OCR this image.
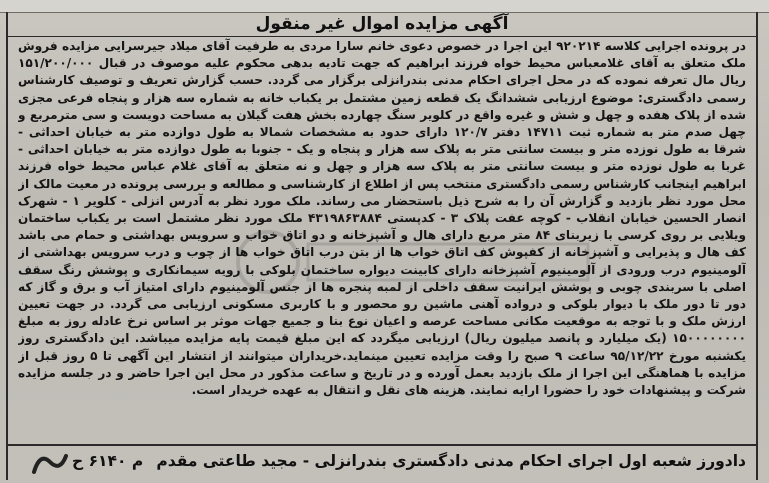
آگهی مزایده اموال غیر منقول
در پرونده اجرایی کلاسه ۹۲۰۲۱۴ این اجرا در خصوص دعوی خانم سارا مردی به طرفیت آقای میلاد جیرسرایی مزایده فروش ملک متعلق به آقای غلامعباس محیط خواه فرزند ابراهیم که جهت تادیه بدهی محکوم علیه موصوف در قبال ۱۵۱/۲۰۰/۰۰۰ ریال مال تعرفه نموده که در محل اجرای احکام مدنی بندرانزلی برگزار می گردد. حسب گزارش تعریف و توصیف کارشناس رسمی دادگستری: موضوع ارزیابی ششدانگ یک قطعه زمین مشتمل بر یکباب خانه به شماره سه هزار و پنجاه فرعی مجزی شده از پلاک هفده و چهل و شش و غیره واقع در کلویر سنگ چهارده بخش هفت گیلان به مساحت دویست و سی مترمربع و چهل صدم متر به شماره ثبت ۱۴۷۱۱ دفتر ۱۲۰/۷ دارای حدود به مشخصات شمالا به طول دوازده متر به خیابان احداثی - شرقا به طول نوزده متر و بیست سانتی متر به پلاک سه هزار و پنجاه و یک - جنوبا به طول دوازده متر به خیابان احداثی - غربا به طول نوزده متر و بیست سانتی متر به پلاک سه هزار و چهل و نه متعلق به آقای غلام عباس محیط خواه فرزند ابراهیم اینجانب کارشناس رسمی دادگستری منتخب پس از اطلاع از کارشناسی و مطالعه و بررسی پرونده در معیت مالک از محل مورد نظر بازدید و گزارش آن را به شرح ذیل باستحضار می رساند. ملک مورد نظر به آدرس انزلی - کلویر ۱ - شهرک انصار الحسین خیابان انقلاب - کوچه عفت پلاک ۳ - کدپستی ۴۳۱۹۸۶۳۸۸۴ ملک مورد نظر مشتمل است بر یکباب ساختمان ویلایی بر روی کرسی با زیربنای ۸۴ متر مربع دارای هال و آشپزخانه و دو اتاق خواب و سرویس بهداشتی و حمام می باشد کف هال و پذیرایی و آشپزخانه از کفپوش کف اتاق خواب ها از بتن درب اتاق خواب ها از چوب و درب سرویس بهداشتی از آلومینیوم درب ورودی از آلومینیوم آشپزخانه دارای کابینت دیواره ساختمان بلوکی با رویه سیمانکاری و پوشش رنگ سقف اصلی با سربندی چوبی و پوشش ایرانیت سقف داخلی از لمبه پنجره ها از جنس آلومینیوم دارای امتیاز آب و برق و گاز که دور تا دور ملک با دیوار بلوکی و درواده آهنی ماشین رو محصور و با کاربری مسکونی ارزیابی می گردد. در جهت تعیین ارزش ملک و با توجه به موقعیت مکانی مساحت عرصه و اعیان نوع بنا و جمیع جهات موثر بر اساس نرخ عادله روز به مبلغ ۱۵۰۰۰۰۰۰۰۰ (یک میلیارد و پانصد میلیون ریال) ارزیابی میگردد که این مبلغ قیمت پایه مزایده میباشد. این دادگستری روز یکشنبه مورخ ۹۵/۱۲/۲۲ ساعت ۹ صبح را وقت مزایده تعیین مینماید.خریداران میتوانند از انتشار این آگهی تا ۵ روز قبل از مزایده با هماهنگی این اجرا از ملک بازدید بعمل آورده و در تاریخ و ساعت مذکور در محل این اجرا حاضر و در جلسه مزایده شرکت و پیشنهادات خود را حضورا ارایه نمایند. هزینه های نقل و انتقال به عهده خریدار است.
دادورز شعبه اول اجرای احکام مدنی دادگستری بندرانزلی - مجید طاعتی مقدم
م ۶۱۴۰ ح
